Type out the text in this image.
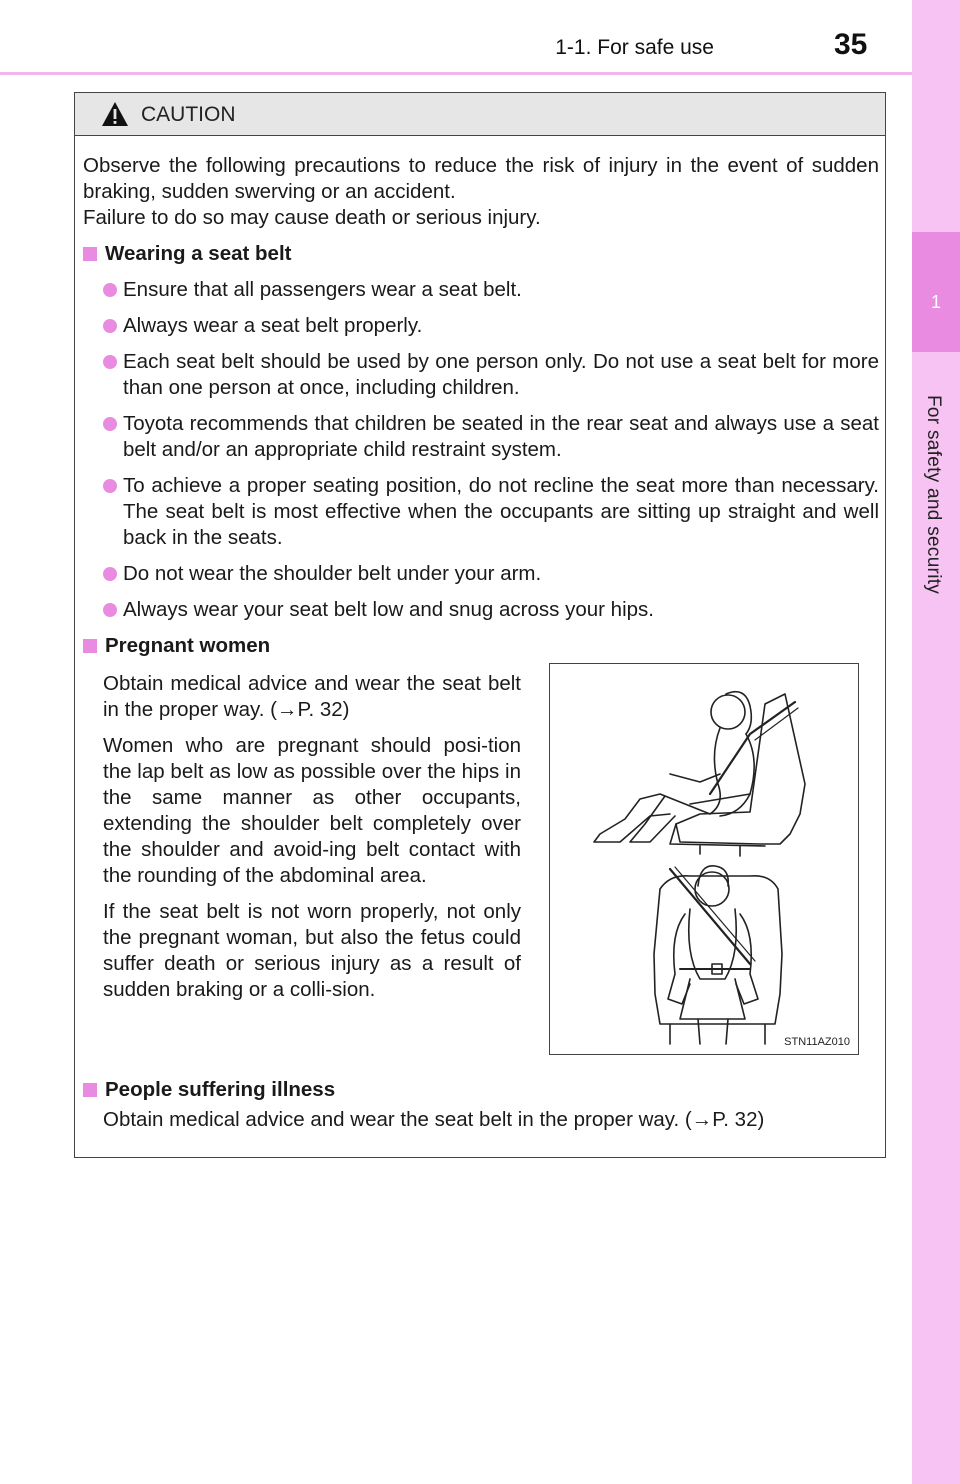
1-1. For safe use	35
1
For safety and security
CAUTION

Observe the following precautions to reduce the risk of injury in the event of sudden braking, sudden swerving or an accident.

Failure to do so may cause death or serious injury.

Wearing a seat belt

Ensure that all passengers wear a seat belt.

Always wear a seat belt properly.

Each seat belt should be used by one person only. Do not use a seat belt for more than one person at once, including children.

Toyota recommends that children be seated in the rear seat and always use a seat belt and/or an appropriate child restraint system.

To achieve a proper seating position, do not recline the seat more than necessary. The seat belt is most effective when the occupants are sitting up straight and well back in the seats.

Do not wear the shoulder belt under your arm.

Always wear your seat belt low and snug across your hips.

Pregnant women

Obtain medical advice and wear the seat belt in the proper way. (→P. 32)

Women who are pregnant should posi-tion the lap belt as low as possible over the hips in the same manner as other occupants, extending the shoulder belt completely over the shoulder and avoid-ing belt contact with the rounding of the abdominal area.

If the seat belt is not worn properly, not only the pregnant woman, but also the fetus could suffer death or serious injury as a result of sudden braking or a colli-sion.

STN11AZ010

People suffering illness

Obtain medical advice and wear the seat belt in the proper way. (→P. 32)
